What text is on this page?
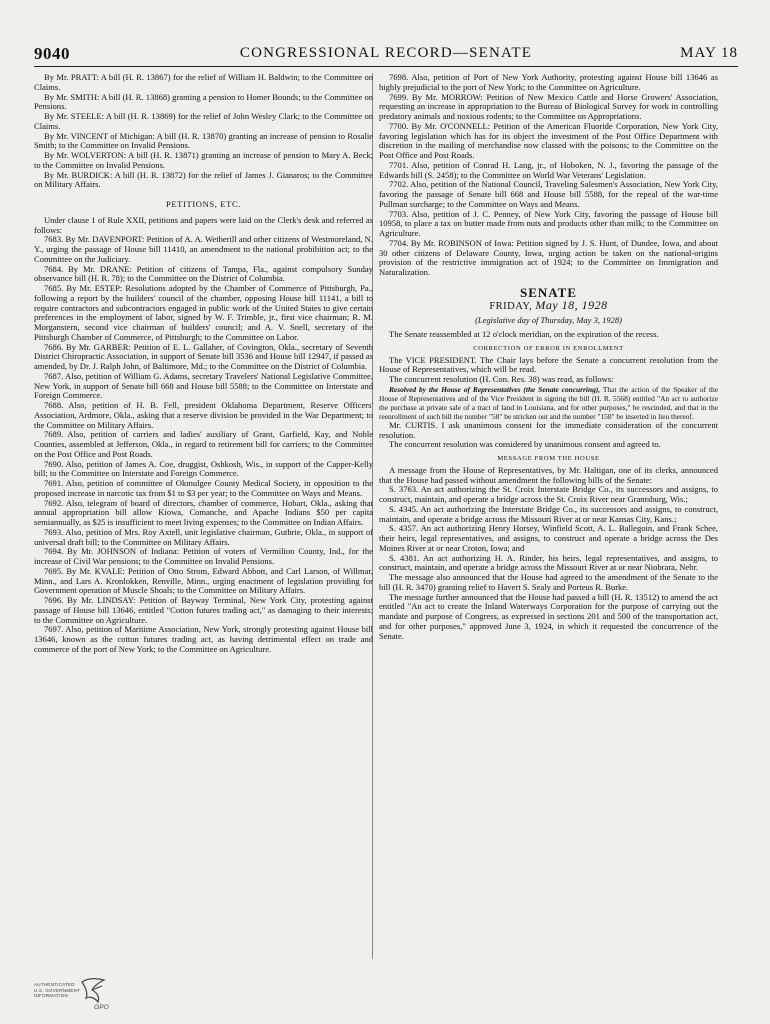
9040	CONGRESSIONAL RECORD—SENATE	MAY 18

By Mr. PRATT: A bill (H. R. 13867) for the relief of William H. Baldwin; to the Committee on Claims.

By Mr. SMITH: A bill (H. R. 13868) granting a pension to Homer Bounds; to the Committee on Pensions.

By Mr. STEELE: A bill (H. R. 13869) for the relief of John Wesley Clark; to the Committee on Claims.

By Mr. VINCENT of Michigan: A bill (H. R. 13870) granting an increase of pension to Rosalie Smith; to the Committee on Invalid Pensions.

By Mr. WOLVERTON: A bill (H. R. 13871) granting an increase of pension to Mary A. Beck; to the Committee on Invalid Pensions.

By Mr. BURDICK: A bill (H. R. 13872) for the relief of James J. Gianaros; to the Committee on Military Affairs.

PETITIONS, ETC.

Under clause 1 of Rule XXII, petitions and papers were laid on the Clerk's desk and referred as follows:

7683. By Mr. DAVENPORT: Petition of A. A. Wetherill and other citizens of Westmoreland, N. Y., urging the passage of House bill 11410, an amendment to the national prohibition act; to the Committee on the Judiciary.

7684. By Mr. DRANE: Petition of citizens of Tampa, Fla., against compulsory Sunday observance bill (H. R. 78); to the Committee on the District of Columbia.

7685. By Mr. ESTEP: Resolutions adopted by the Chamber of Commerce of Pittsburgh, Pa., following a report by the builders' council of the chamber, opposing House bill 11141, a bill to require contractors and subcontractors engaged in public work of the United States to give certain preferences in the employment of labor, signed by W. F. Trimble, jr., first vice chairman; R. M. Morganstern, second vice chairman of builders' council; and A. V. Snell, secretary of the Pittsburgh Chamber of Commerce, of Pittsburgh; to the Committee on Labor.

7686. By Mr. GARBER: Petition of E. L. Gallaher, of Covington, Okla., secretary of Seventh District Chiropractic Association, in support of Senate bill 3536 and House bill 12947, if passed as amended, by Dr. J. Ralph John, of Baltimore, Md.; to the Committee on the District of Columbia.

7687. Also, petition of William G. Adams, secretary Travelers' National Legislative Committee, New York, in support of Senate bill 668 and House bill 5588; to the Committee on Interstate and Foreign Commerce.

7688. Also, petition of H. B. Fell, president Oklahoma Department, Reserve Officers' Association, Ardmore, Okla., asking that a reserve division be provided in the War Department; to the Committee on Military Affairs.

7689. Also, petition of carriers and ladies' auxiliary of Grant, Garfield, Kay, and Noble Counties, assembled at Jefferson, Okla., in regard to retirement bill for carriers; to the Committee on the Post Office and Post Roads.

7690. Also, petition of James A. Coe, druggist, Oshkosh, Wis., in support of the Capper-Kelly bill; to the Committee on Interstate and Foreign Commerce.

7691. Also, petition of committee of Okmulgee County Medical Society, in opposition to the proposed increase in narcotic tax from $1 to $3 per year; to the Committee on Ways and Means.

7692. Also, telegram of board of directors, chamber of commerce, Hobart, Okla., asking that annual appropriation bill allow Kiowa, Comanche, and Apache Indians $50 per capita semiannually, as $25 is insufficient to meet living expenses; to the Committee on Indian Affairs.

7693. Also, petition of Mrs. Roy Axtell, unit legislative chairman, Guthrie, Okla., in support of universal draft bill; to the Committee on Military Affairs.

7694. By Mr. JOHNSON of Indiana: Petition of voters of Vermilion County, Ind., for the increase of Civil War pensions; to the Committee on Invalid Pensions.

7695. By Mr. KVALE: Petition of Otto Strom, Edward Abbott, and Carl Larson, of Willmar, Minn., and Lars A. Kronlokken, Renville, Minn., urging enactment of legislation providing for Government operation of Muscle Shoals; to the Committee on Military Affairs.

7696. By Mr. LINDSAY: Petition of Bayway Terminal, New York City, protesting against passage of House bill 13646, entitled "Cotton futures trading act," as damaging to their interests; to the Committee on Agriculture.

7697. Also, petition of Maritime Association, New York, strongly protesting against House bill 13646, known as the cotton futures trading act, as having detrimental effect on trade and commerce of the port of New York; to the Committee on Agriculture.

7698. Also, petition of Port of New York Authority, protesting against House bill 13646 as highly prejudicial to the port of New York; to the Committee on Agriculture.

7699. By Mr. MORROW: Petition of New Mexico Cattle and Horse Growers' Association, requesting an increase in appropriation to the Bureau of Biological Survey for work in controlling predatory animals and noxious rodents; to the Committee on Appropriations.

7700. By Mr. O'CONNELL: Petition of the American Fluoride Corporation, New York City, favoring legislation which has for its object the investment of the Post Office Department with discretion in the mailing of merchandise now classed with the poisons; to the Committee on the Post Office and Post Roads.

7701. Also, petition of Conrad H. Lang, jr., of Hoboken, N. J., favoring the passage of the Edwards bill (S. 2458); to the Committee on World War Veterans' Legislation.

7702. Also, petition of the National Council, Traveling Salesmen's Association, New York City, favoring the passage of Senate bill 668 and House bill 5588, for the repeal of the war-time Pullman surcharge; to the Committee on Ways and Means.

7703. Also, petition of J. C. Penney, of New York City, favoring the passage of House bill 10958, to place a tax on butter made from nuts and products other than milk; to the Committee on Agriculture.

7704. By Mr. ROBINSON of Iowa: Petition signed by J. S. Hunt, of Dundee, Iowa, and about 30 other citizens of Delaware County, Iowa, urging action be taken on the national-origins provision of the restrictive immigration act of 1924; to the Committee on Immigration and Naturalization.

SENATE
FRIDAY, May 18, 1928
(Legislative day of Thursday, May 3, 1928)

The Senate reassembled at 12 o'clock meridian, on the expiration of the recess.

CORRECTION OF ERROR IN ENROLLMENT

The VICE PRESIDENT. The Chair lays before the Senate a concurrent resolution from the House of Representatives, which will be read.

The concurrent resolution (H. Con. Res. 38) was read, as follows:

Resolved by the House of Representatives (the Senate concurring), That the action of the Speaker of the House of Representatives and of the Vice President in signing the bill (H. R. 5568) entitled "An act to authorize the purchase at private sale of a tract of land in Louisiana, and for other purposes," be rescinded, and that in the reenrollment of such bill the number "58" be stricken out and the number "158" be inserted in lieu thereof.

Mr. CURTIS. I ask unanimous consent for the immediate consideration of the concurrent resolution.

The concurrent resolution was considered by unanimous consent and agreed to.

MESSAGE FROM THE HOUSE

A message from the House of Representatives, by Mr. Haltigan, one of its clerks, announced that the House had passed without amendment the following bills of the Senate:

S. 3763. An act authorizing the St. Croix Interstate Bridge Co., its successors and assigns, to construct, maintain, and operate a bridge across the St. Croix River near Grantsburg, Wis.;

S. 4345. An act authorizing the Interstate Bridge Co., its successors and assigns, to construct, maintain, and operate a bridge across the Missouri River at or near Kansas City, Kans.;

S. 4357. An act authorizing Henry Horsey, Winfield Scott, A. L. Ballegoin, and Frank Schee, their heirs, legal representatives, and assigns, to construct and operate a bridge across the Des Moines River at or near Croton, Iowa; and

S. 4381. An act authorizing H. A. Rinder, his heirs, legal representatives, and assigns, to construct, maintain, and operate a bridge across the Missouri River at or near Niobrara, Nebr.

The message also announced that the House had agreed to the amendment of the Senate to the bill (H. R. 3470) granting relief to Havert S. Sealy and Porteus R. Burke.

The message further announced that the House had passed a bill (H. R. 13512) to amend the act entitled "An act to create the Inland Waterways Corporation for the purpose of carrying out the mandate and purpose of Congress, as expressed in sections 201 and 500 of the transportation act, and for other purposes," approved June 3, 1924, in which it requested the concurrence of the Senate.

AUTHENTICATED
U.S. GOVERNMENT
INFORMATION
GPO
